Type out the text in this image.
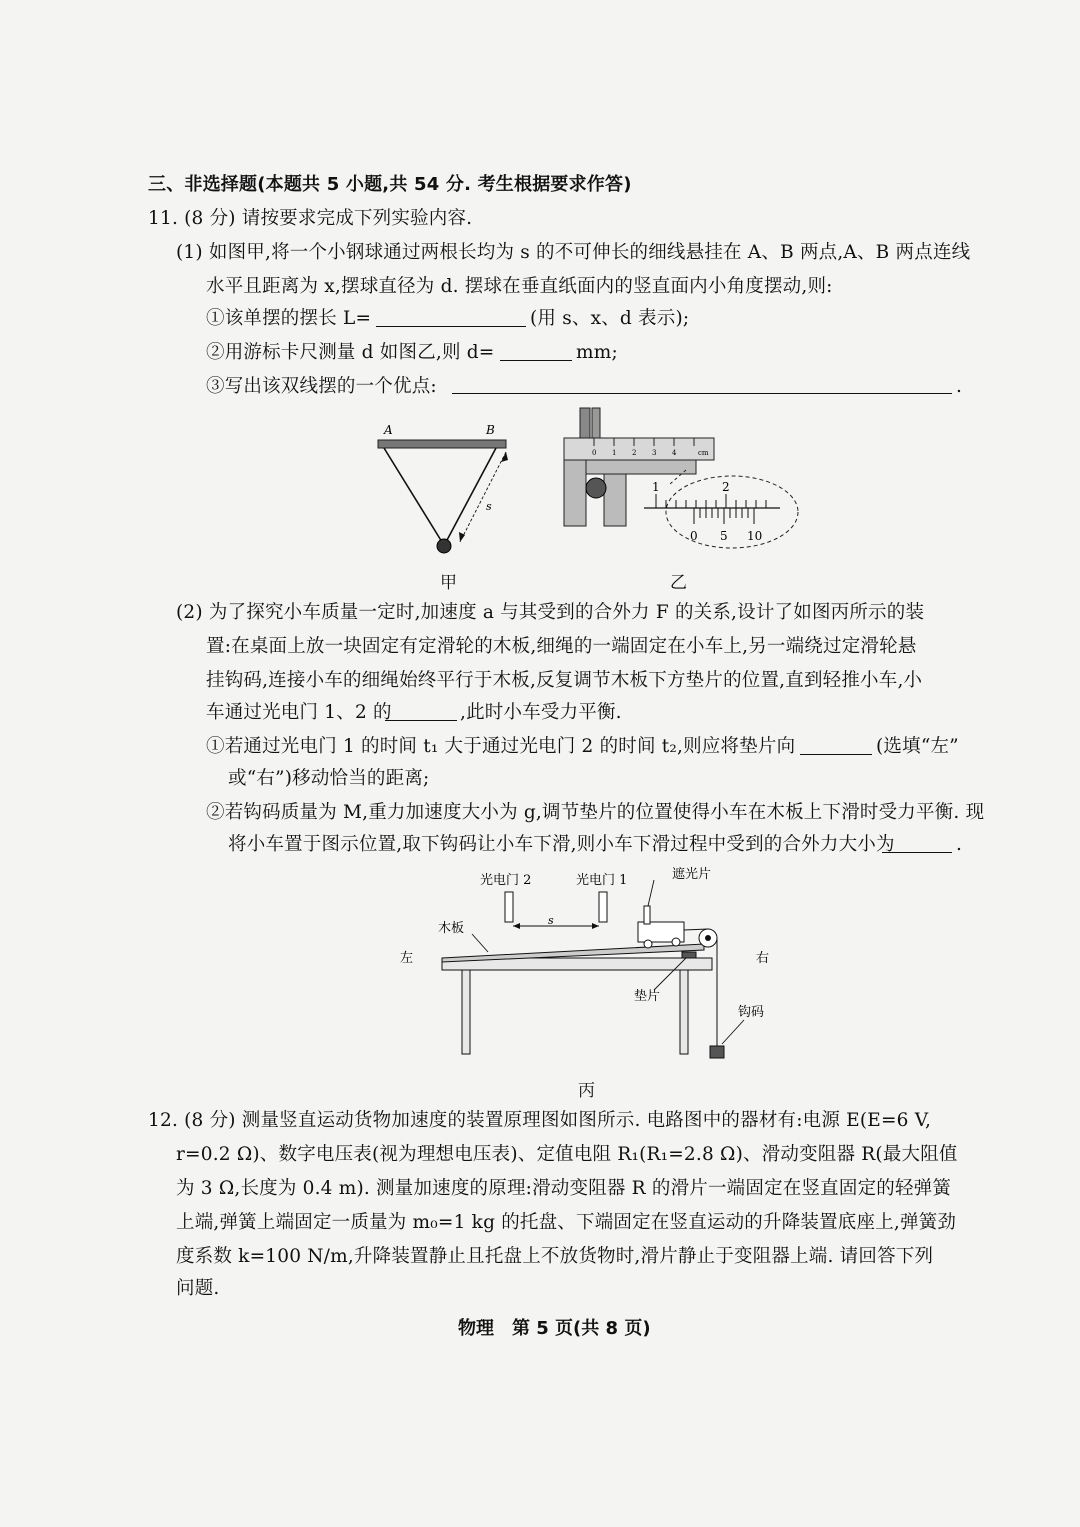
三、非选择题(本题共 5 小题,共 54 分. 考生根据要求作答)
11. (8 分) 请按要求完成下列实验内容.
(1) 如图甲,将一个小钢球通过两根长均为 s 的不可伸长的细线悬挂在 A、B 两点,A、B 两点连线
水平且距离为 x,摆球直径为 d. 摆球在垂直纸面内的竖直面内小角度摆动,则:
①该单摆的摆长 L=	(用 s、x、d 表示);
②用游标卡尺测量 d 如图乙,则 d=	mm;
③写出该双线摆的一个优点:	.
A	B
s
甲
0 1 2 3 4	cm
1	2
0 5 10
乙
(2) 为了探究小车质量一定时,加速度 a 与其受到的合外力 F 的关系,设计了如图丙所示的装
置:在桌面上放一块固定有定滑轮的木板,细绳的一端固定在小车上,另一端绕过定滑轮悬
挂钩码,连接小车的细绳始终平行于木板,反复调节木板下方垫片的位置,直到轻推小车,小
车通过光电门 1、2 的	,此时小车受力平衡.
①若通过光电门 1 的时间 t₁ 大于通过光电门 2 的时间 t₂,则应将垫片向	(选填“左”
或“右”)移动恰当的距离;
②若钩码质量为 M,重力加速度大小为 g,调节垫片的位置使得小车在木板上下滑时受力平衡. 现
将小车置于图示位置,取下钩码让小车下滑,则小车下滑过程中受到的合外力大小为	.
光电门 2	光电门 1	遮光片
木板
左	右
垫片
钩码
s
丙
12. (8 分) 测量竖直运动货物加速度的装置原理图如图所示. 电路图中的器材有:电源 E(E=6 V,
r=0.2 Ω)、数字电压表(视为理想电压表)、定值电阻 R₁(R₁=2.8 Ω)、滑动变阻器 R(最大阻值
为 3 Ω,长度为 0.4 m). 测量加速度的原理:滑动变阻器 R 的滑片一端固定在竖直固定的轻弹簧
上端,弹簧上端固定一质量为 m₀=1 kg 的托盘、下端固定在竖直运动的升降装置底座上,弹簧劲
度系数 k=100 N/m,升降装置静止且托盘上不放货物时,滑片静止于变阻器上端. 请回答下列
问题.
物理　第 5 页(共 8 页)
